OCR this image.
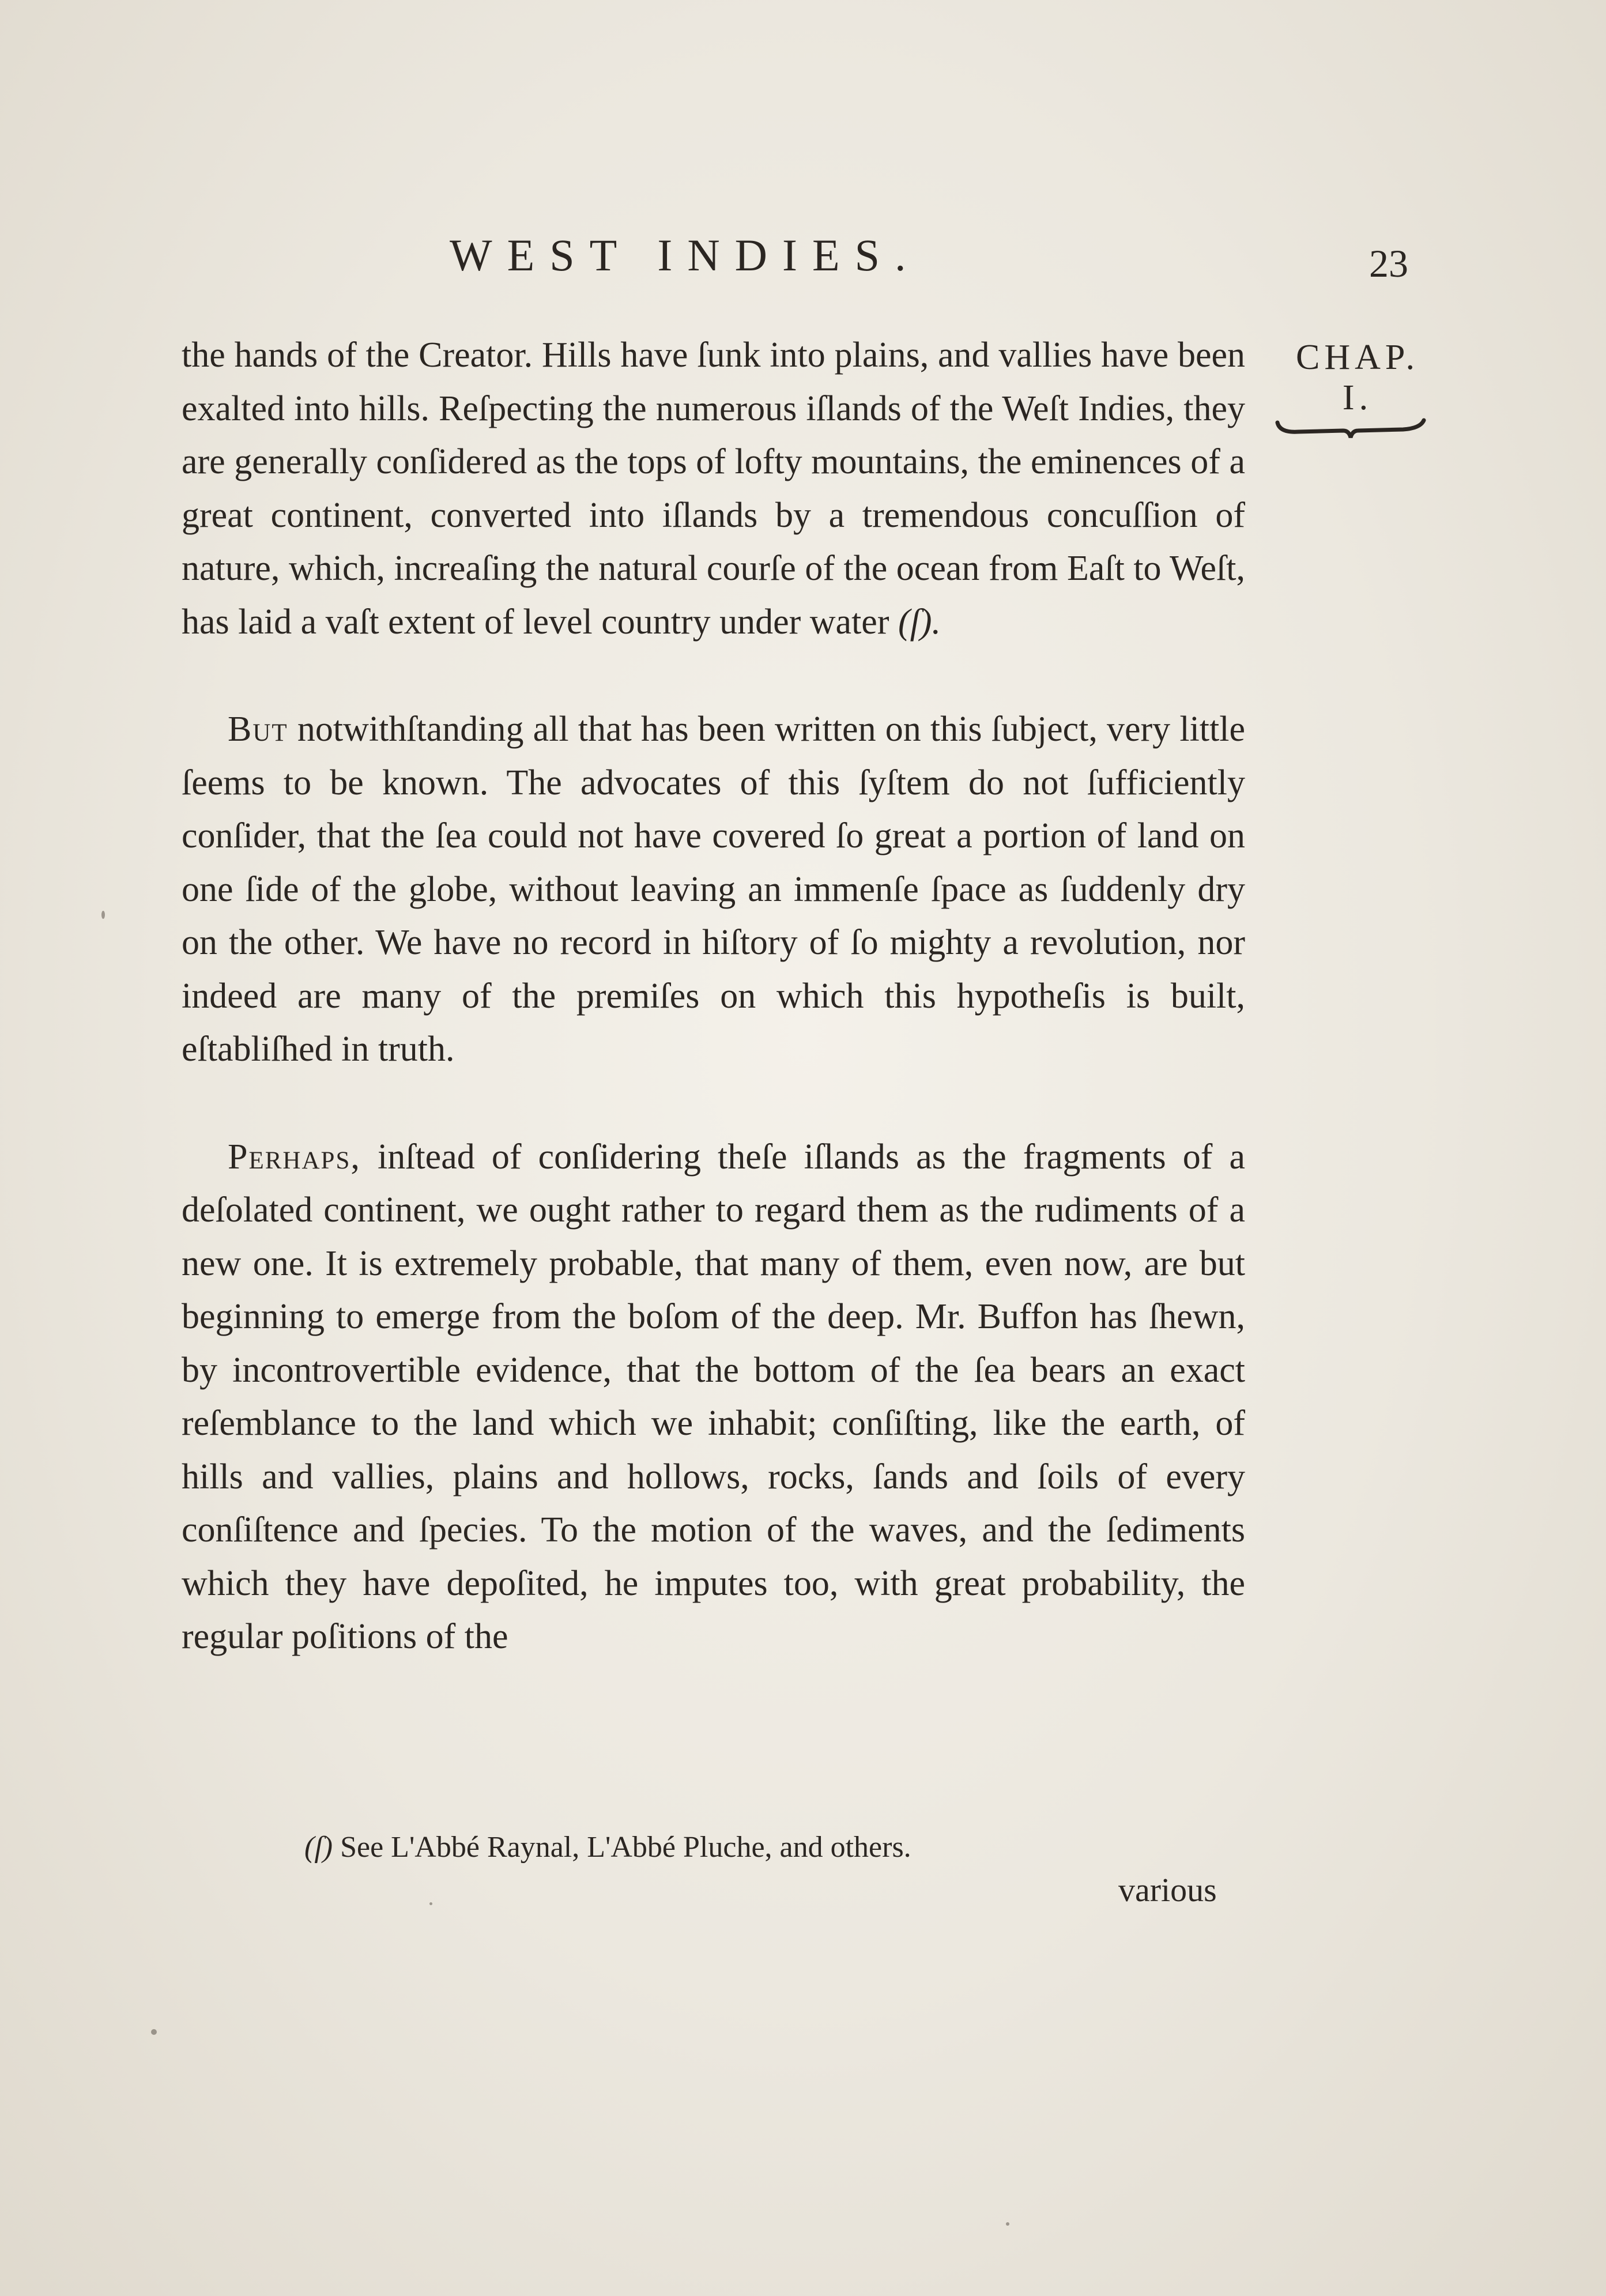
WEST INDIES.	23
CHAP.
I.

the hands of the Creator. Hills have ſunk into plains, and vallies have been exalted into hills. Reſpecting the numerous iſlands of the Weſt Indies, they are generally conſidered as the tops of lofty mountains, the eminences of a great continent, converted into iſlands by a tremendous concuſſion of nature, which, increaſing the natural courſe of the ocean from Eaſt to Weſt, has laid a vaſt extent of level country under water (ſ).

But notwithſtanding all that has been written on this ſubject, very little ſeems to be known. The advocates of this ſyſtem do not ſufficiently conſider, that the ſea could not have covered ſo great a portion of land on one ſide of the globe, without leaving an immenſe ſpace as ſuddenly dry on the other. We have no record in hiſtory of ſo mighty a revolution, nor indeed are many of the premiſes on which this hypotheſis is built, eſtabliſhed in truth.

Perhaps, inſtead of conſidering theſe iſlands as the fragments of a deſolated continent, we ought rather to regard them as the rudiments of a new one. It is extremely probable, that many of them, even now, are but beginning to emerge from the boſom of the deep. Mr. Buffon has ſhewn, by incontrovertible evidence, that the bottom of the ſea bears an exact reſemblance to the land which we inhabit; conſiſting, like the earth, of hills and vallies, plains and hollows, rocks, ſands and ſoils of every conſiſtence and ſpecies. To the motion of the waves, and the ſediments which they have depoſited, he imputes too, with great probability, the regular poſitions of the

(ſ) See L'Abbé Raynal, L'Abbé Pluche, and others.
various
